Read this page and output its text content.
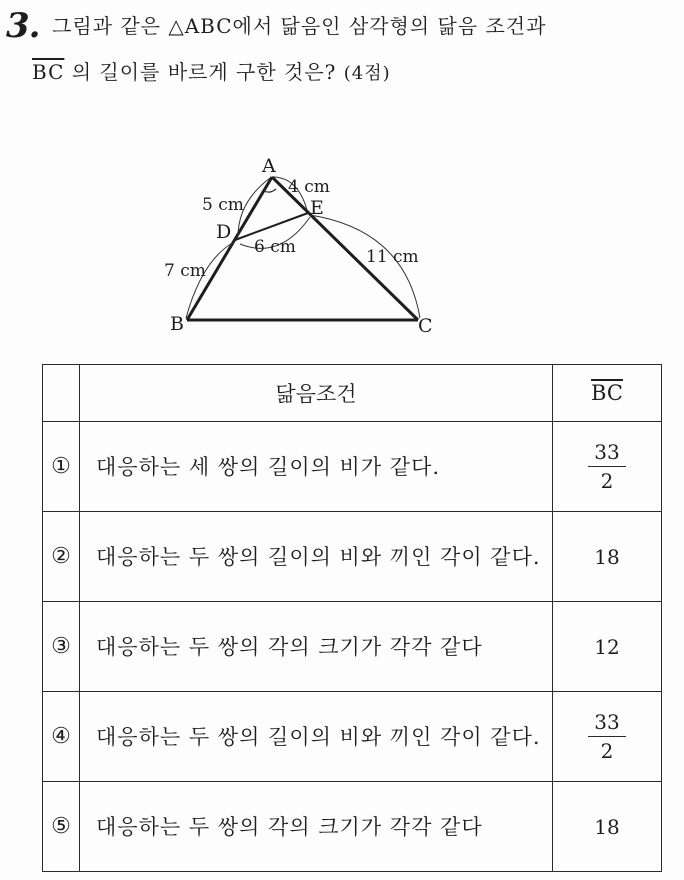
3. 그림과 같은 △ABC에서 닮음인 삼각형의 닮음 조건과
$\overline{BC}$ 의 길이를 바르게 구한 것은? (4점)
A
B	C
D
E
4 cm
5 cm
6 cm	11 cm
7 cm
	닮음조건	$\overline{BC}$
①	대응하는 세 쌍의 길이의 비가 같다.	$\frac{33}{2}$

②	대응하는 두 쌍의 길이의 비와 끼인 각이 같다.	18
③	대응하는 두 쌍의 각의 크기가 각각 같다	12
④	대응하는 두 쌍의 길이의 비와 끼인 각이 같다.	$\frac{33}{2}$

⑤	대응하는 두 쌍의 각의 크기가 각각 같다	18
